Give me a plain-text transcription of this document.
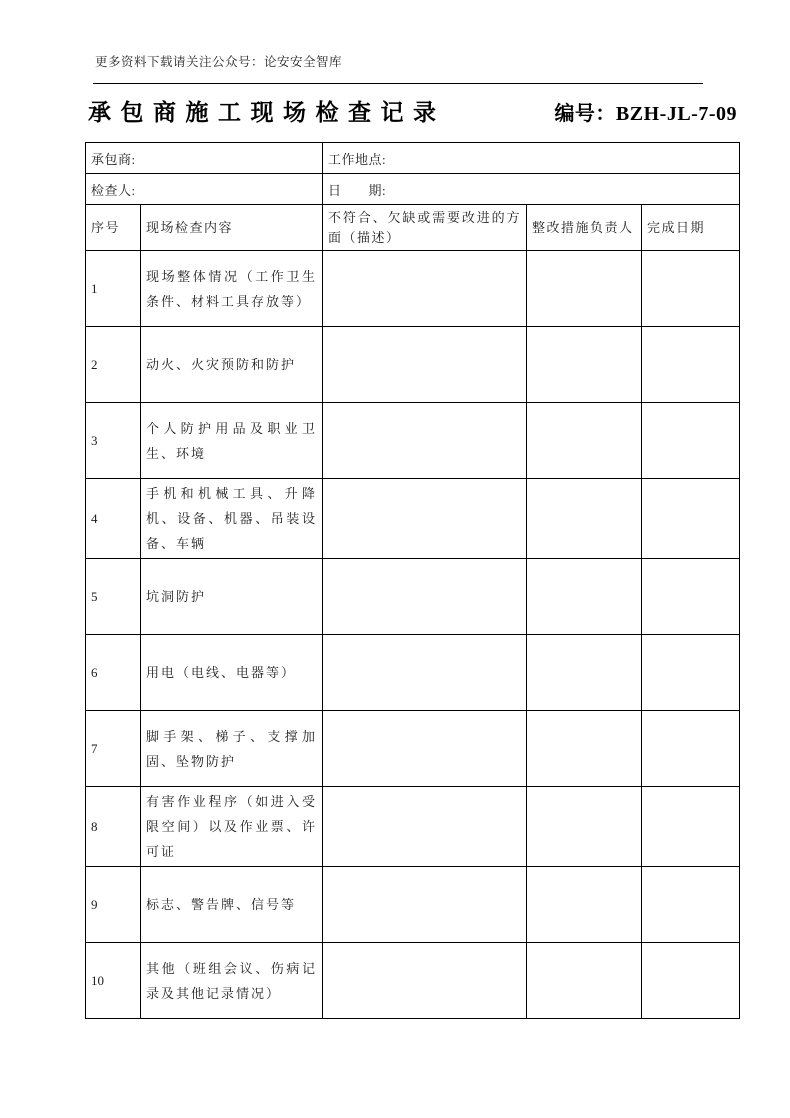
更多资料下载请关注公众号：论安安全智库
承包商施工现场检查记录	编号：BZH-JL-7-09
承包商:		工作地点:		
检查人:		日　　期:		
序号	现场检查内容	不符合、欠缺或需要改进的方面（描述）	整改措施负责人	完成日期
1	现场整体情况（工作卫生条件、材料工具存放等）			
2	动火、火灾预防和防护			
3	个人防护用品及职业卫生、环境			
4	手机和机械工具、升降机、设备、机器、吊装设备、车辆			
5	坑洞防护			
6	用电（电线、电器等）			
7	脚手架、梯子、支撑加固、坠物防护			
8	有害作业程序（如进入受限空间）以及作业票、许可证			
9	标志、警告牌、信号等			
10	其他（班组会议、伤病记录及其他记录情况）			
